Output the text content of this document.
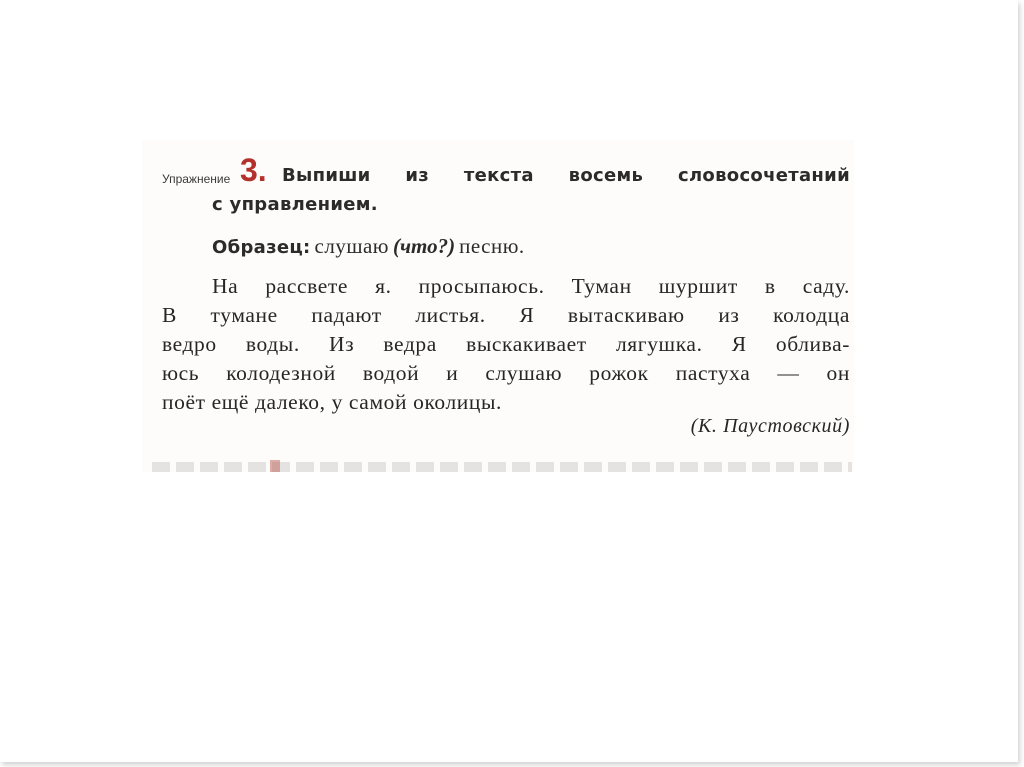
Упражнение 3. Выпиши из текста восемь словосочетаний
с управлением.
Образец: слушаю (что?) песню.
На рассвете я. просыпаюсь. Туман шуршит в саду.
В тумане падают листья. Я вытаскиваю из колодца
ведро воды. Из ведра выскакивает лягушка. Я облива-
юсь колодезной водой и слушаю рожок пастуха — он
поёт ещё далеко, у самой околицы.
(К. Паустовский)
